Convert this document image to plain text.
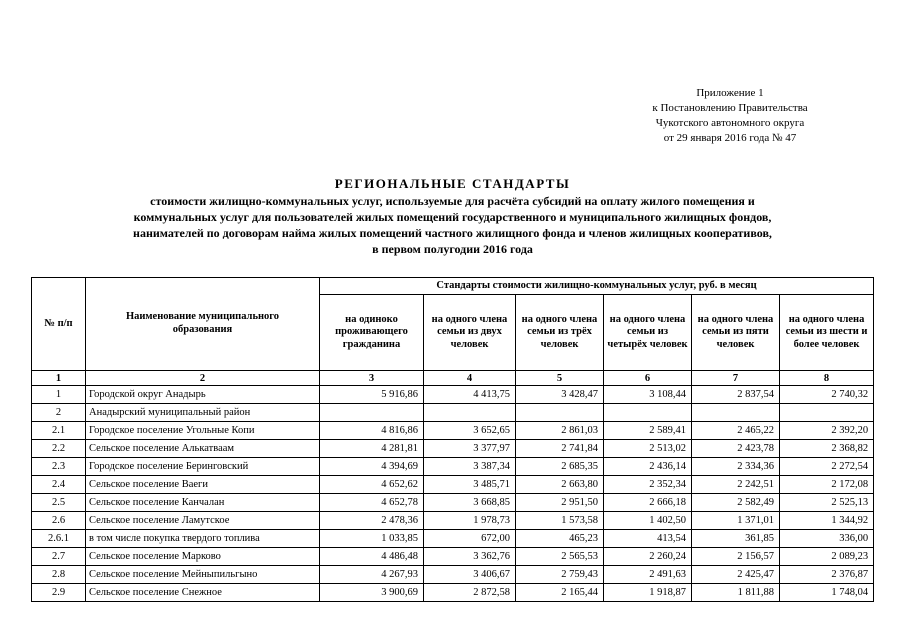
Приложение 1
к Постановлению Правительства
Чукотского автономного округа
от 29 января 2016 года № 47
РЕГИОНАЛЬНЫЕ СТАНДАРТЫ
стоимости жилищно-коммунальных услуг, используемые для расчёта субсидий на оплату жилого помещения и
коммунальных услуг для пользователей жилых помещений государственного и муниципального жилищных фондов,
нанимателей по договорам найма жилых помещений частного жилищного фонда и членов жилищных кооперативов,
в первом полугодии 2016 года
№ п/п	Наименование муниципального образования	Стандарты стоимости жилищно-коммунальных услуг, руб. в месяц					
		на одиноко проживающего гражданина	на одного члена семьи из двух человек	на одного члена семьи из трёх человек	на одного члена семьи из четырёх человек	на одного члена семьи из пяти человек	на одного члена семьи из шести и более человек
1	2	3	4	5	6	7	8
1	Городской округ Анадырь	5 916,86	4 413,75	3 428,47	3 108,44	2 837,54	2 740,32
2	Анадырский муниципальный район						
2.1	Городское поселение Угольные Копи	4 816,86	3 652,65	2 861,03	2 589,41	2 465,22	2 392,20
2.2	Сельское поселение Алькатваам	4 281,81	3 377,97	2 741,84	2 513,02	2 423,78	2 368,82
2.3	Городское поселение Беринговский	4 394,69	3 387,34	2 685,35	2 436,14	2 334,36	2 272,54
2.4	Сельское поселение Ваеги	4 652,62	3 485,71	2 663,80	2 352,34	2 242,51	2 172,08
2.5	Сельское поселение Канчалан	4 652,78	3 668,85	2 951,50	2 666,18	2 582,49	2 525,13
2.6	Сельское поселение Ламутское	2 478,36	1 978,73	1 573,58	1 402,50	1 371,01	1 344,92
2.6.1	в том числе покупка твердого топлива	1 033,85	672,00	465,23	413,54	361,85	336,00
2.7	Сельское поселение Марково	4 486,48	3 362,76	2 565,53	2 260,24	2 156,57	2 089,23
2.8	Сельское поселение Мейныпильгыно	4 267,93	3 406,67	2 759,43	2 491,63	2 425,47	2 376,87
2.9	Сельское поселение Снежное	3 900,69	2 872,58	2 165,44	1 918,87	1 811,88	1 748,04
